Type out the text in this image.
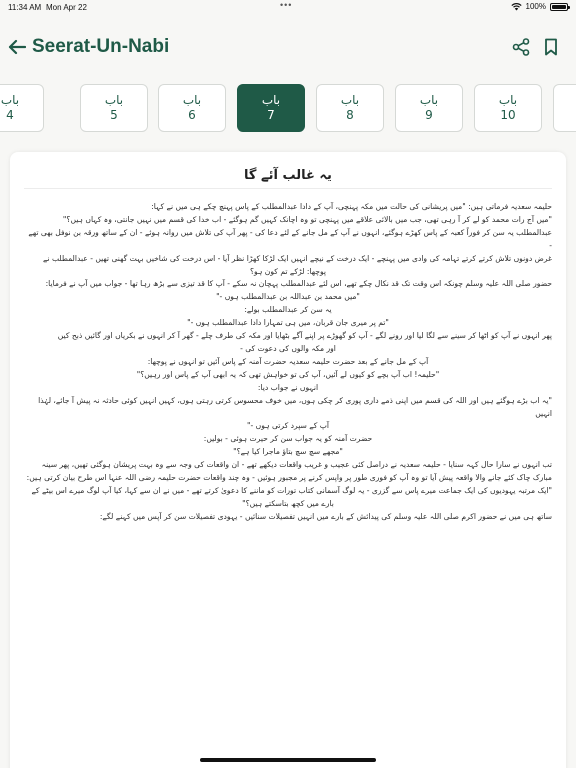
11:34 AM Mon Apr 22	•••	100%
Seerat-Un-Nabi
باب
4
باب
5
باب
6
باب
7
باب
8
باب
9
باب
10
یہ غالب آئے گا

حلیمہ سعدیہ فرماتی ہیں: "میں پریشانی کی حالت میں مکہ پہنچی، آپ کے دادا عبدالمطلب کے پاس پہنچ چکے ہی میں نے کہا:

"میں آج رات محمد کو لے کر آ رہی تھی، جب میں بالائی علاقے میں پہنچی تو وہ اچانک کہیں گم ہوگئے - اب خدا کی قسم میں نہیں جانتی، وہ کہاں ہیں؟"

عبدالمطلب یہ سن کر فوراً کعبہ کے پاس کھڑے ہوگئے، انہوں نے آپ کے مل جانے کے لئے دعا کی - پھر آپ کی تلاش میں روانہ ہوئے - ان کے ساتھ ورقہ بن نوفل بھی تھے -

غرض دونوں تلاش کرتے کرتے تہامہ کی وادی میں پہنچے - ایک درخت کے نیچے انہیں ایک لڑکا کھڑا نظر آیا - اس درخت کی شاخیں بہت گھنی تھیں - عبدالمطلب نے

پوچھا: لڑکے تم کون ہو؟

حضور صلی اللہ علیہ وسلم چونکہ اس وقت تک قد نکال چکے تھے، اس لئے عبدالمطلب پہچان نہ سکے - آپ کا قد تیزی سے بڑھ رہا تھا - جواب میں آپ نے فرمایا:

"میں محمد بن عبداللہ بن عبدالمطلب ہوں -"

یہ سن کر عبدالمطلب بولے:

"تم پر میری جان قربان، میں ہی تمہارا دادا عبدالمطلب ہوں -"

پھر انہوں نے آپ کو اٹھا کر سینے سے لگا لیا اور رونے لگے - آپ کو گھوڑے پر اپنے آگے بٹھایا اور مکہ کی طرف چلے - گھر آ کر انہوں نے بکریاں اور گائیں ذبح کیں

اور مکہ والوں کی دعوت کی -

آپ کے مل جانے کے بعد حضرت حلیمہ سعدیہ حضرت آمنہ کے پاس آئیں تو انہوں نے پوچھا:

"حلیمہ! اب آپ بچے کو کیوں لے آئیں، آپ کی تو خواہش تھی کہ یہ ابھی آپ کے پاس اور رہیں؟"

انہوں نے جواب دیا:

"یہ اب بڑے ہوگئے ہیں اور اللہ کی قسم میں اپنی ذمے داری پوری کر چکی ہوں، میں خوف محسوس کرتی رہتی ہوں، کہیں انہیں کوئی حادثہ نہ پیش آ جائے، لہٰذا انہیں

آپ کے سپرد کرتی ہوں -"

حضرت آمنہ کو یہ جواب سن کر حیرت ہوئی - بولیں:

"مجھے سچ سچ بتاؤ ماجرا کیا ہے؟"

تب انہوں نے سارا حال کہہ سنایا - حلیمہ سعدیہ نے دراصل کئی عجیب و غریب واقعات دیکھے تھے - ان واقعات کی وجہ سے وہ بہت پریشان ہوگئی تھیں، پھر سینہ

مبارک چاک کئے جانے والا واقعہ پیش آیا تو وہ آپ کو فوری طور پر واپس کرنے پر مجبور ہوئیں - وہ چند واقعات حضرت حلیمہ رضی اللہ عنہا اس طرح بیان کرتی ہیں:

"ایک مرتبہ یہودیوں کی ایک جماعت میرے پاس سے گزری - یہ لوگ آسمانی کتاب تورات کو ماننے کا دعویٰ کرتے تھے - میں نے ان سے کہا، کیا آپ لوگ میرے اس بیٹے کے

بارے میں کچھ بتاسکتے ہیں؟"

ساتھ ہی میں نے حضور اکرم صلی اللہ علیہ وسلم کی پیدائش کے بارے میں انہیں تفصیلات سنائیں - یہودی تفصیلات سن کر آپس میں کہنے لگے:
